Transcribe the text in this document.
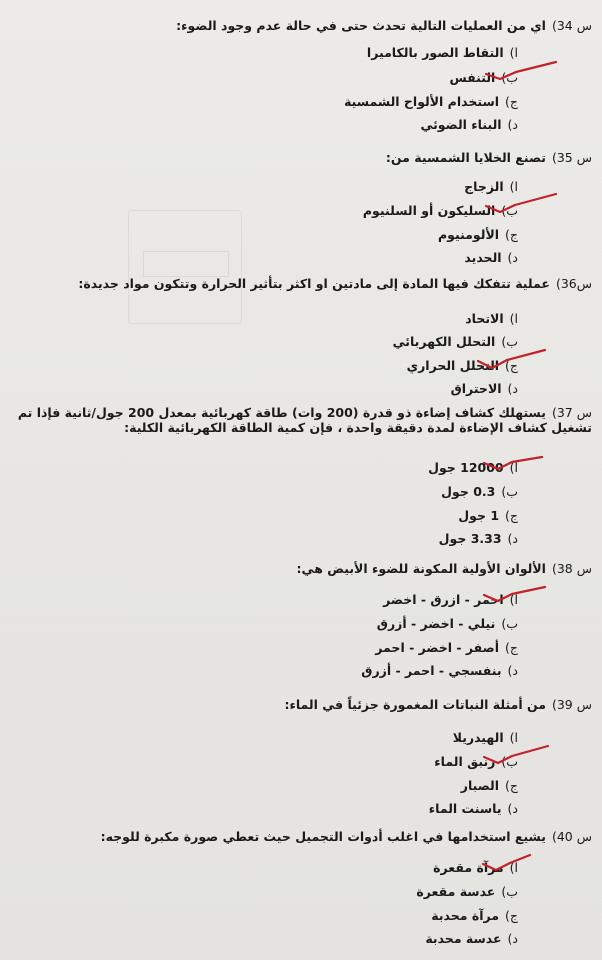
س 34)اي من العمليات التالية تحدث حتى في حالة عدم وجود الضوء:
ا)التقاط الصور بالكاميرا
ب)التنفس
ج)استخدام الألواح الشمسية
د)البناء الضوئي
س 35)تصنع الخلايا الشمسية من:
ا)الزجاج
ب)السليكون أو السلنيوم
ج)الألومنيوم
د)الحديد
س36)عملية تتفكك فيها المادة إلى مادتين او اكثر بتأثير الحرارة وتتكون مواد جديدة:
ا)الاتحاد
ب)التحلل الكهربائي
ج)التحلل الحراري
د)الاحتراق
س 37)يستهلك كشاف إضاءة ذو قدرة (200 وات) طاقة كهربائية بمعدل 200 جول/ثانية فإذا تم تشغيل كشاف الإضاءة لمدة دقيقة واحدة ، فإن كمية الطاقة الكهربائية الكلية:
ا)12000 جول
ب)0.3 جول
ج)1 جول
د)3.33 جول
س 38)الألوان الأولية المكونة للضوء الأبيض هي:
ا)احمر - ازرق - اخضر
ب)نيلي - اخضر - أزرق
ج)أصفر - اخضر - احمر
د)بنفسجي - احمر - أزرق
س 39)من أمثلة النباتات المغمورة جزئياً في الماء:
ا)الهيدريلا
ب)زنبق الماء
ج)الصبار
د)ياسنت الماء
س 40)يشيع استخدامها في اغلب أدوات التجميل حيث تعطي صورة مكبرة للوجه:
ا)مرآة مقعرة
ب)عدسة مقعرة
ج)مرآة محدبة
د)عدسة محدبة
